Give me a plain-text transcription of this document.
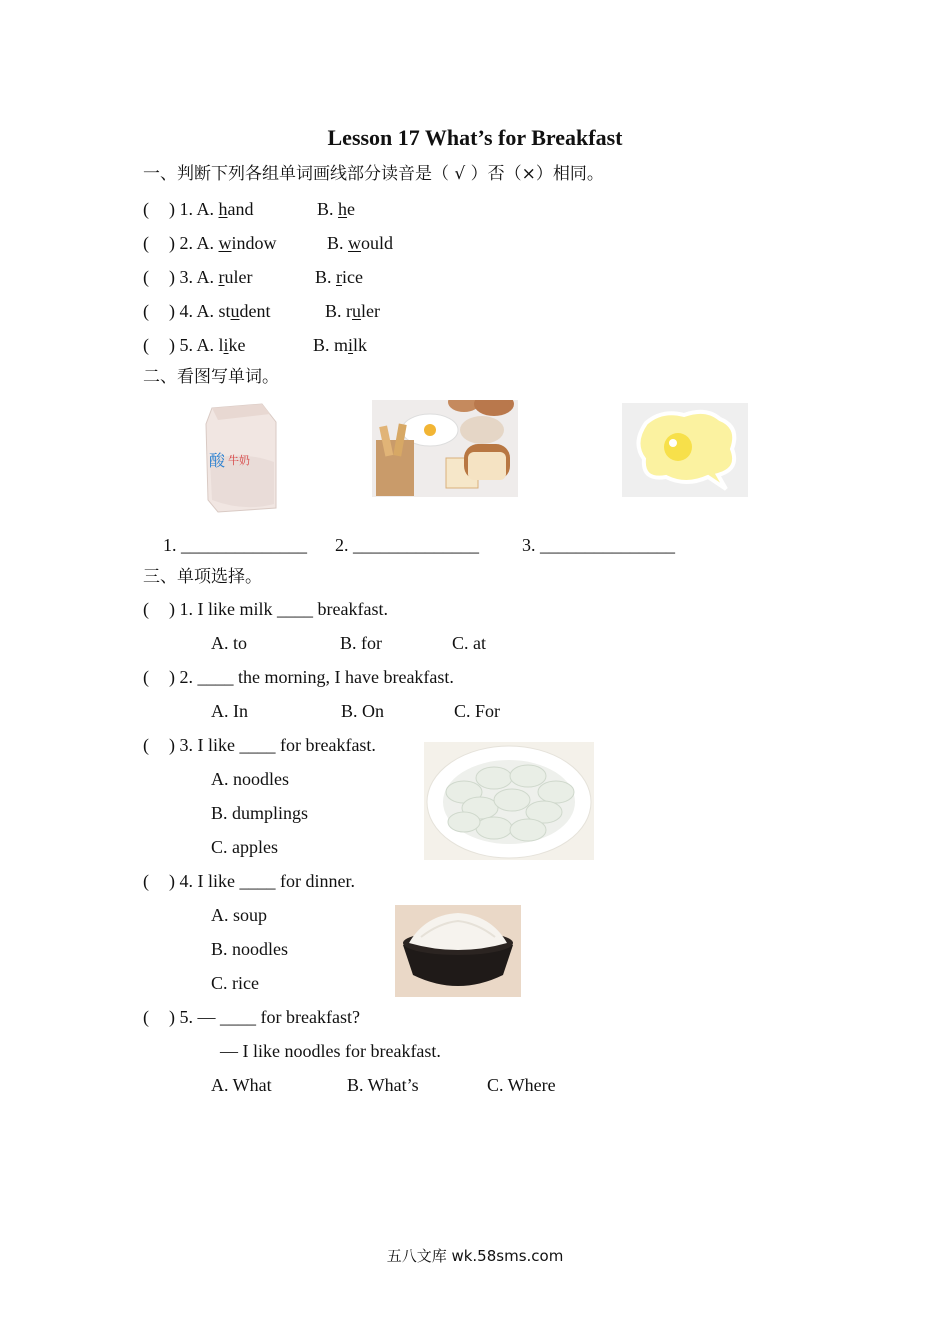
Lesson 17 What’s for Breakfast
一、判断下列各组单词画线部分读音是（ √ ）否（×）相同。
( ) 1. A. hand	B. he
( ) 2. A. window	B. would
( ) 3. A. ruler	B. rice
( ) 4. A. student	B. ruler
( ) 5. A. like	B. milk
二、看图写单词。
酸 牛奶
1. ______________ 2. ______________ 3. _______________
三、单项选择。
( ) 1. I like milk ____ breakfast.
A. to	B. for	C. at
( ) 2. ____ the morning, I have breakfast.
A. In	B. On	C. For
( ) 3. I like ____ for breakfast.
A. noodles
B. dumplings
C. apples
( ) 4. I like ____ for dinner.
A. soup
B. noodles
C. rice
( ) 5. — ____ for breakfast?
— I like noodles for breakfast.
A. What	B. What’s	C. Where
五八文库 wk.58sms.com
